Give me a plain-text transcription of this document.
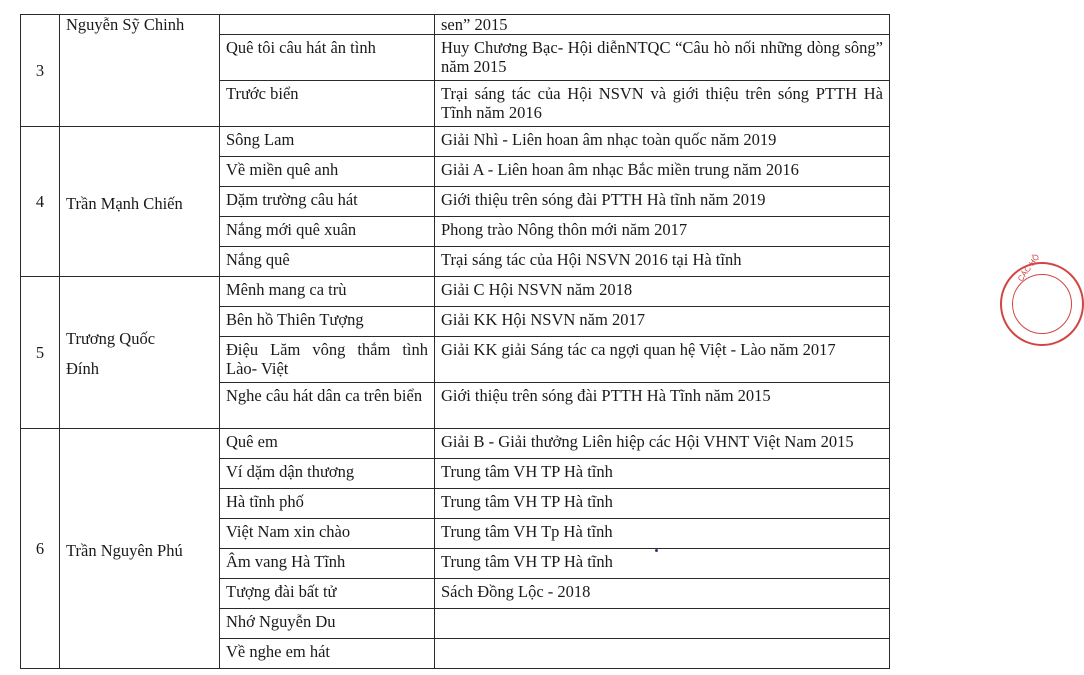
3	Nguyễn Sỹ Chinh		sen” 2015
		Quê tôi câu hát ân tình	Huy Chương Bạc- Hội diễnNTQC “Câu hò nối những dòng sông” năm 2015
		Trước biển	Trại sáng tác của Hội NSVN và giới thiệu trên sóng PTTH Hà Tĩnh năm 2016
4	Trần Mạnh Chiến	Sông Lam	Giải Nhì - Liên hoan âm nhạc toàn quốc năm 2019
		Về miền quê anh	Giải A - Liên hoan âm nhạc Bắc miền trung năm 2016
		Dặm trường câu hát	Giới thiệu trên sóng đài PTTH Hà tĩnh năm 2019
		Nắng mới quê xuân	Phong trào Nông thôn mới năm 2017
		Nắng quê	Trại sáng tác của Hội NSVN 2016 tại Hà tĩnh
5	Trương Quốc Đính	Mênh mang ca trù	Giải C Hội NSVN năm 2018
		Bên hồ Thiên Tượng	Giải KK Hội NSVN năm 2017
		Điệu Lăm vông thắm tình Lào- Việt	Giải KK giải Sáng tác ca ngợi quan hệ Việt - Lào năm 2017
		Nghe câu hát dân ca trên biển	Giới thiệu trên sóng đài PTTH Hà Tĩnh năm 2015
6	Trần Nguyên Phú	Quê em	Giải B - Giải thưởng Liên hiệp các Hội VHNT Việt Nam 2015
		Ví dặm dận thương	Trung tâm VH TP Hà tĩnh
		Hà tĩnh phố	Trung tâm VH TP Hà tĩnh
		Việt Nam xin chào	Trung tâm VH Tp Hà tĩnh
		Âm vang Hà Tĩnh	Trung tâm VH TP Hà tĩnh
		Tượng đài bất tử	Sách Đồng Lộc - 2018
		Nhớ Nguyễn Du	
		Về nghe em hát	
CÁC HỘ
